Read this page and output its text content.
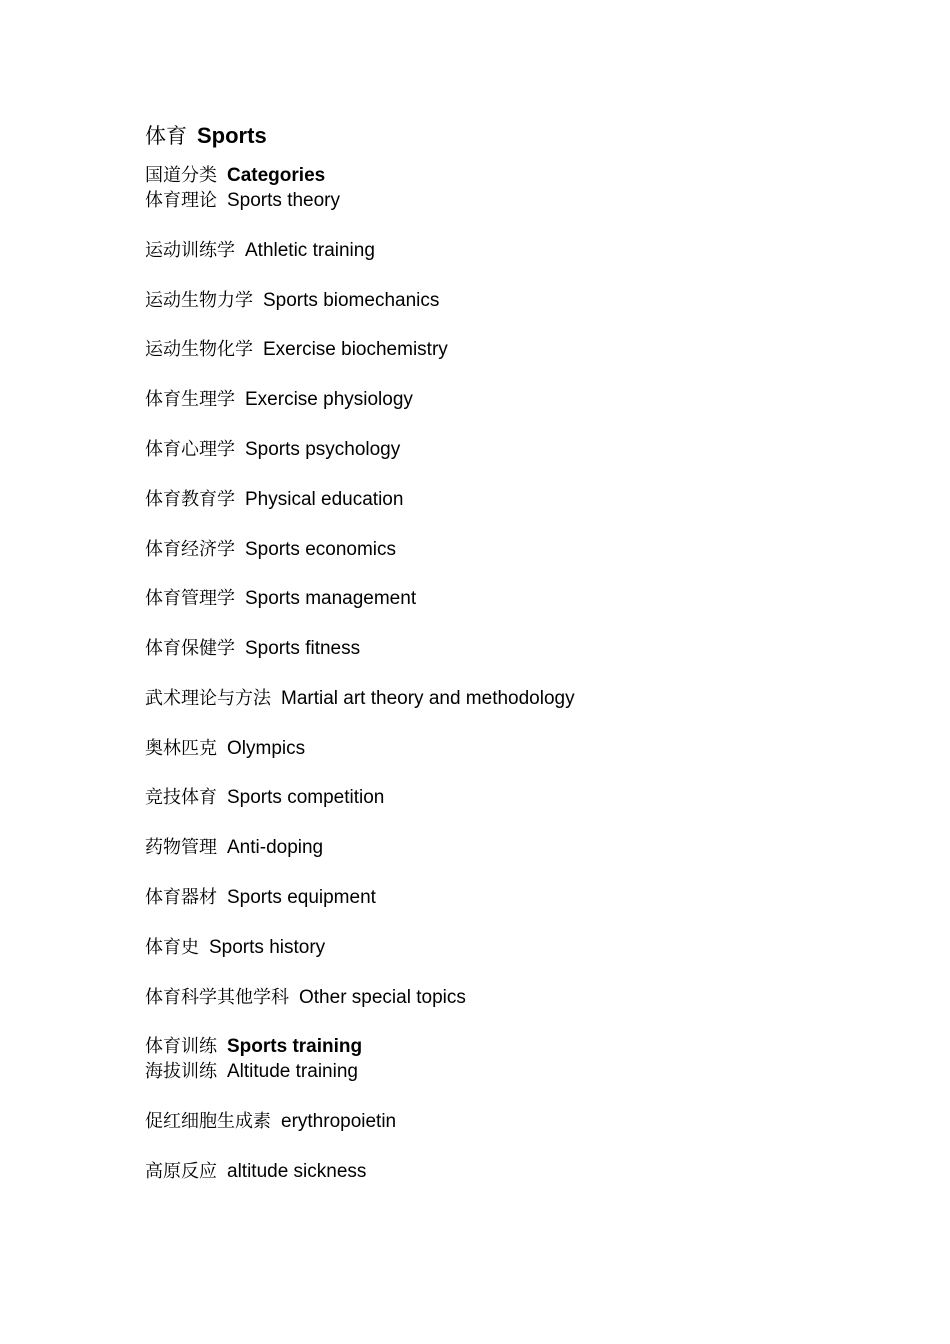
体育 Sports
国道分类 Categories
体育理论 Sports theory
运动训练学 Athletic training
运动生物力学 Sports biomechanics
运动生物化学 Exercise biochemistry
体育生理学 Exercise physiology
体育心理学 Sports psychology
体育教育学 Physical education
体育经济学 Sports economics
体育管理学 Sports management
体育保健学 Sports fitness
武术理论与方法 Martial art theory and methodology
奥林匹克 Olympics
竞技体育 Sports competition
药物管理 Anti-doping
体育器材 Sports equipment
体育史 Sports history
体育科学其他学科 Other special topics
体育训练 Sports training
海拔训练 Altitude training
促红细胞生成素 erythropoietin
高原反应 altitude sickness
